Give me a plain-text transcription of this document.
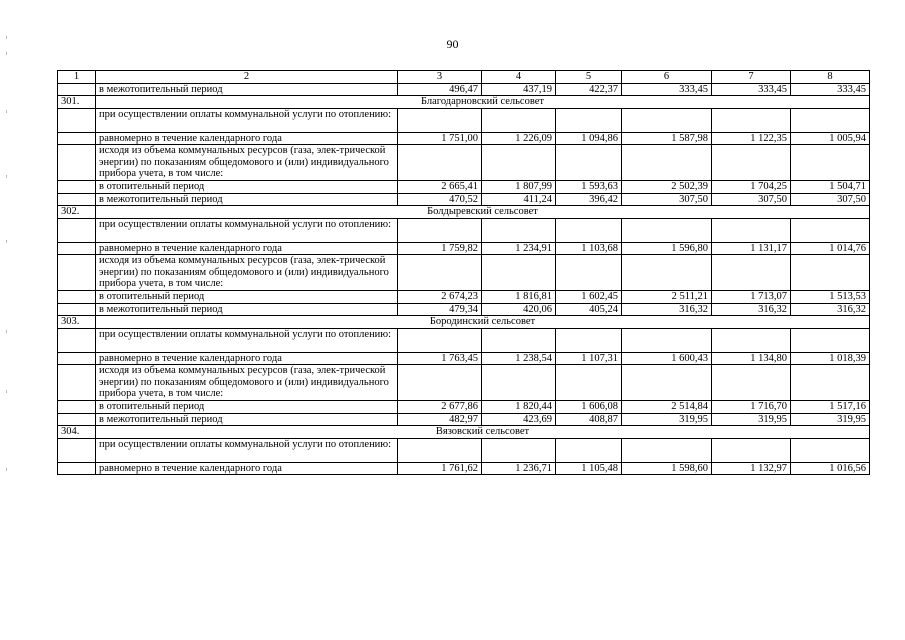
90
1	2	3	4	5	6	7	8
	в межотопительный период	496,47	437,19	422,37	333,45	333,45	333,45
301.	Благодарновский сельсовет						
	при осуществлении оплаты коммунальной услуги по отоплению:						
	равномерно в течение календарного года	1 751,00	1 226,09	1 094,86	1 587,98	1 122,35	1 005,94
	исходя из объема коммунальных ресурсов (газа, элек-трической энергии) по показаниям общедомового и (или) индивидуального прибора учета, в том числе:						
	в отопительный период	2 665,41	1 807,99	1 593,63	2 502,39	1 704,25	1 504,71
	в межотопительный период	470,52	411,24	396,42	307,50	307,50	307,50
302.	Болдыревский сельсовет						
	при осуществлении оплаты коммунальной услуги по отоплению:						
	равномерно в течение календарного года	1 759,82	1 234,91	1 103,68	1 596,80	1 131,17	1 014,76
	исходя из объема коммунальных ресурсов (газа, элек-трической энергии) по показаниям общедомового и (или) индивидуального прибора учета, в том числе:						
	в отопительный период	2 674,23	1 816,81	1 602,45	2 511,21	1 713,07	1 513,53
	в межотопительный период	479,34	420,06	405,24	316,32	316,32	316,32
303.	Бородинский сельсовет						
	при осуществлении оплаты коммунальной услуги по отоплению:						
	равномерно в течение календарного года	1 763,45	1 238,54	1 107,31	1 600,43	1 134,80	1 018,39
	исходя из объема коммунальных ресурсов (газа, элек-трической энергии) по показаниям общедомового и (или) индивидуального прибора учета, в том числе:						
	в отопительный период	2 677,86	1 820,44	1 606,08	2 514,84	1 716,70	1 517,16
	в межотопительный период	482,97	423,69	408,87	319,95	319,95	319,95
304.	Вязовский сельсовет						
	при осуществлении оплаты коммунальной услуги по отоплению:						
	равномерно в течение календарного года	1 761,62	1 236,71	1 105,48	1 598,60	1 132,97	1 016,56
